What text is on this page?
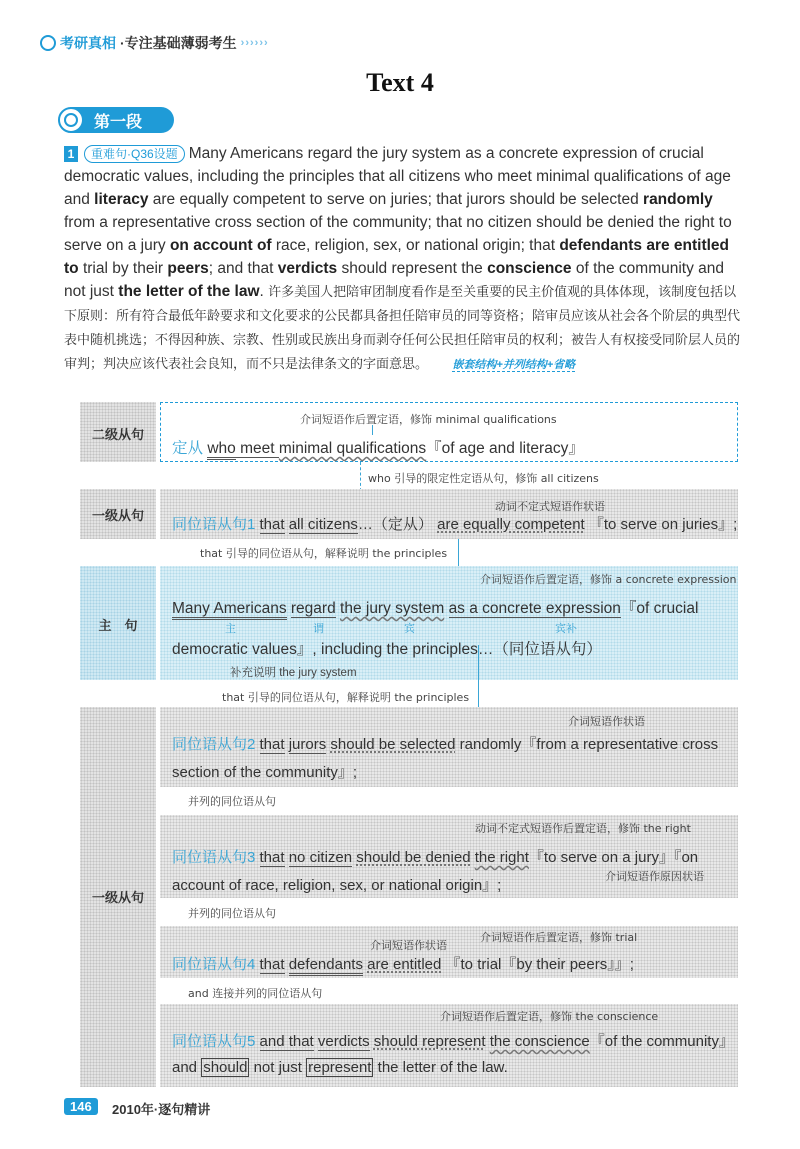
考研真相 ·专注基础薄弱考生 ››››››
Text 4
第一段
1 重难句·Q36设题 Many Americans regard the jury system as a concrete expression of crucial democratic values, including the principles that all citizens who meet minimal qualifications of age and literacy are equally competent to serve on juries; that jurors should be selected randomly from a representative cross section of the community; that no citizen should be denied the right to serve on a jury on account of race, religion, sex, or national origin; that defendants are entitled to trial by their peers; and that verdicts should represent the conscience of the community and not just the letter of the law. 许多美国人把陪审团制度看作是至关重要的民主价值观的具体体现，该制度包括以下原则：所有符合最低年龄要求和文化要求的公民都具备担任陪审员的同等资格；陪审员应该从社会各个阶层的典型代表中随机挑选；不得因种族、宗教、性别或民族出身而剥夺任何公民担任陪审员的权利；被告人有权接受同阶层人员的审判；判决应该代表社会良知，而不只是法律条文的字面意思。 嵌套结构+并列结构+省略
二级从句
介词短语作后置定语，修饰 minimal qualifications
定从 who meet minimal qualifications『of age and literacy』
who 引导的限定性定语从句，修饰 all citizens
一级从句
动词不定式短语作状语
同位语从句1 that all citizens…（定从） are equally competent 『to serve on juries』;
that 引导的同位语从句，解释说明 the principles
主　句
介词短语作后置定语，修饰 a concrete expression
Many Americans regard the jury system as a concrete expression『of crucial
主	谓	宾	宾补
democratic values』, including the principles…（同位语从句）
补充说明 the jury system
that 引导的同位语从句，解释说明 the principles
一级从句
介词短语作状语
同位语从句2 that jurors should be selected randomly『from a representative cross
section of the community』;
并列的同位语从句
动词不定式短语作后置定语，修饰 the right
同位语从句3 that no citizen should be denied the right『to serve on a jury』『on
account of race, religion, sex, or national origin』;
介词短语作原因状语
并列的同位语从句
介词短语作后置定语，修饰 trial
介词短语作状语
同位语从句4 that defendants are entitled 『to trial『by their peers』』;
and 连接并列的同位语从句
介词短语作后置定语，修饰 the conscience
同位语从句5 and that verdicts should represent the conscience『of the community』
and should not just represent the letter of the law.
146	2010年·逐句精讲
